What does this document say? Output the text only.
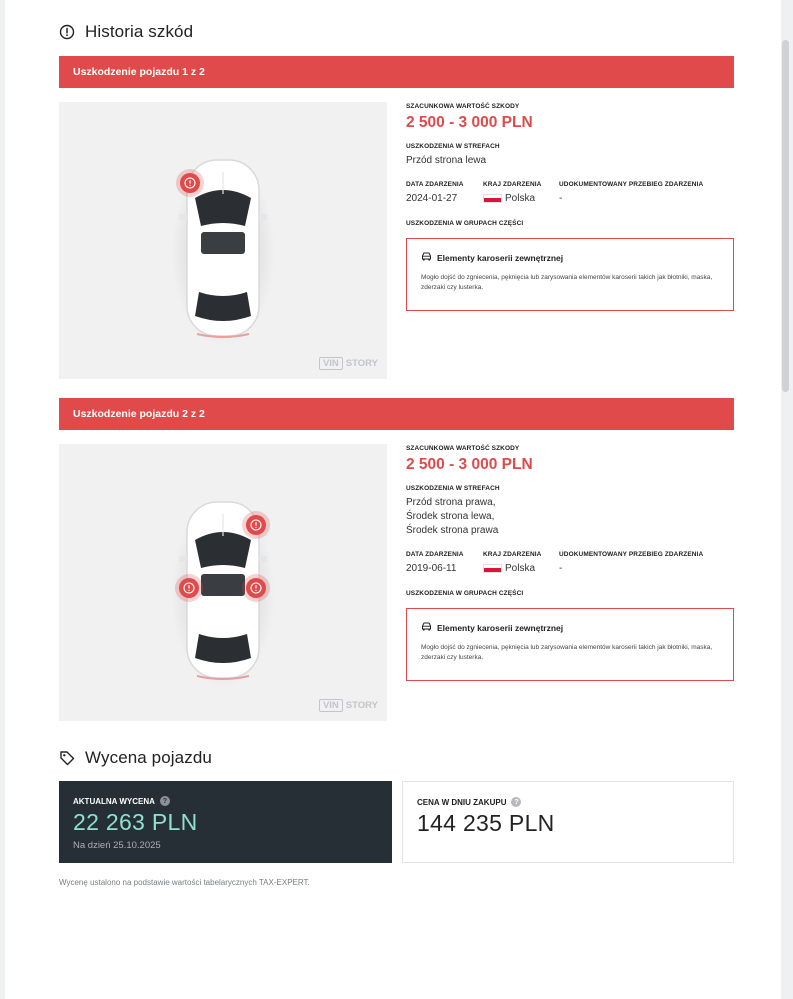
Historia szkód
Uszkodzenie pojazdu 1 z 2
VIN STORY
SZACUNKOWA WARTOŚĆ SZKODY
2 500 - 3 000 PLN
USZKODZENIA W STREFACH
Przód strona lewa
DATA ZDARZENIA
2024-01-27
KRAJ ZDARZENIA
Polska
UDOKUMENTOWANY PRZEBIEG ZDARZENIA
-
USZKODZENIA W GRUPACH CZĘŚCI
Elementy karoserii zewnętrznej
Mogło dojść do zgniecenia, pęknięcia lub zarysowania elementów karoserii takich jak błotniki, maska, zderzaki czy lusterka.
Uszkodzenie pojazdu 2 z 2
VIN STORY
SZACUNKOWA WARTOŚĆ SZKODY
2 500 - 3 000 PLN
USZKODZENIA W STREFACH
Przód strona prawa,
Środek strona lewa,
Środek strona prawa
DATA ZDARZENIA
2019-06-11
KRAJ ZDARZENIA
Polska
UDOKUMENTOWANY PRZEBIEG ZDARZENIA
-
USZKODZENIA W GRUPACH CZĘŚCI
Elementy karoserii zewnętrznej
Mogło dojść do zgniecenia, pęknięcia lub zarysowania elementów karoserii takich jak błotniki, maska, zderzaki czy lusterka.
Wycena pojazdu
AKTUALNA WYCENA	?
22 263 PLN
Na dzień 25.10.2025
CENA W DNIU ZAKUPU	?
144 235 PLN
Wycenę ustalono na podstawie wartości tabelarycznych TAX-EXPERT.
